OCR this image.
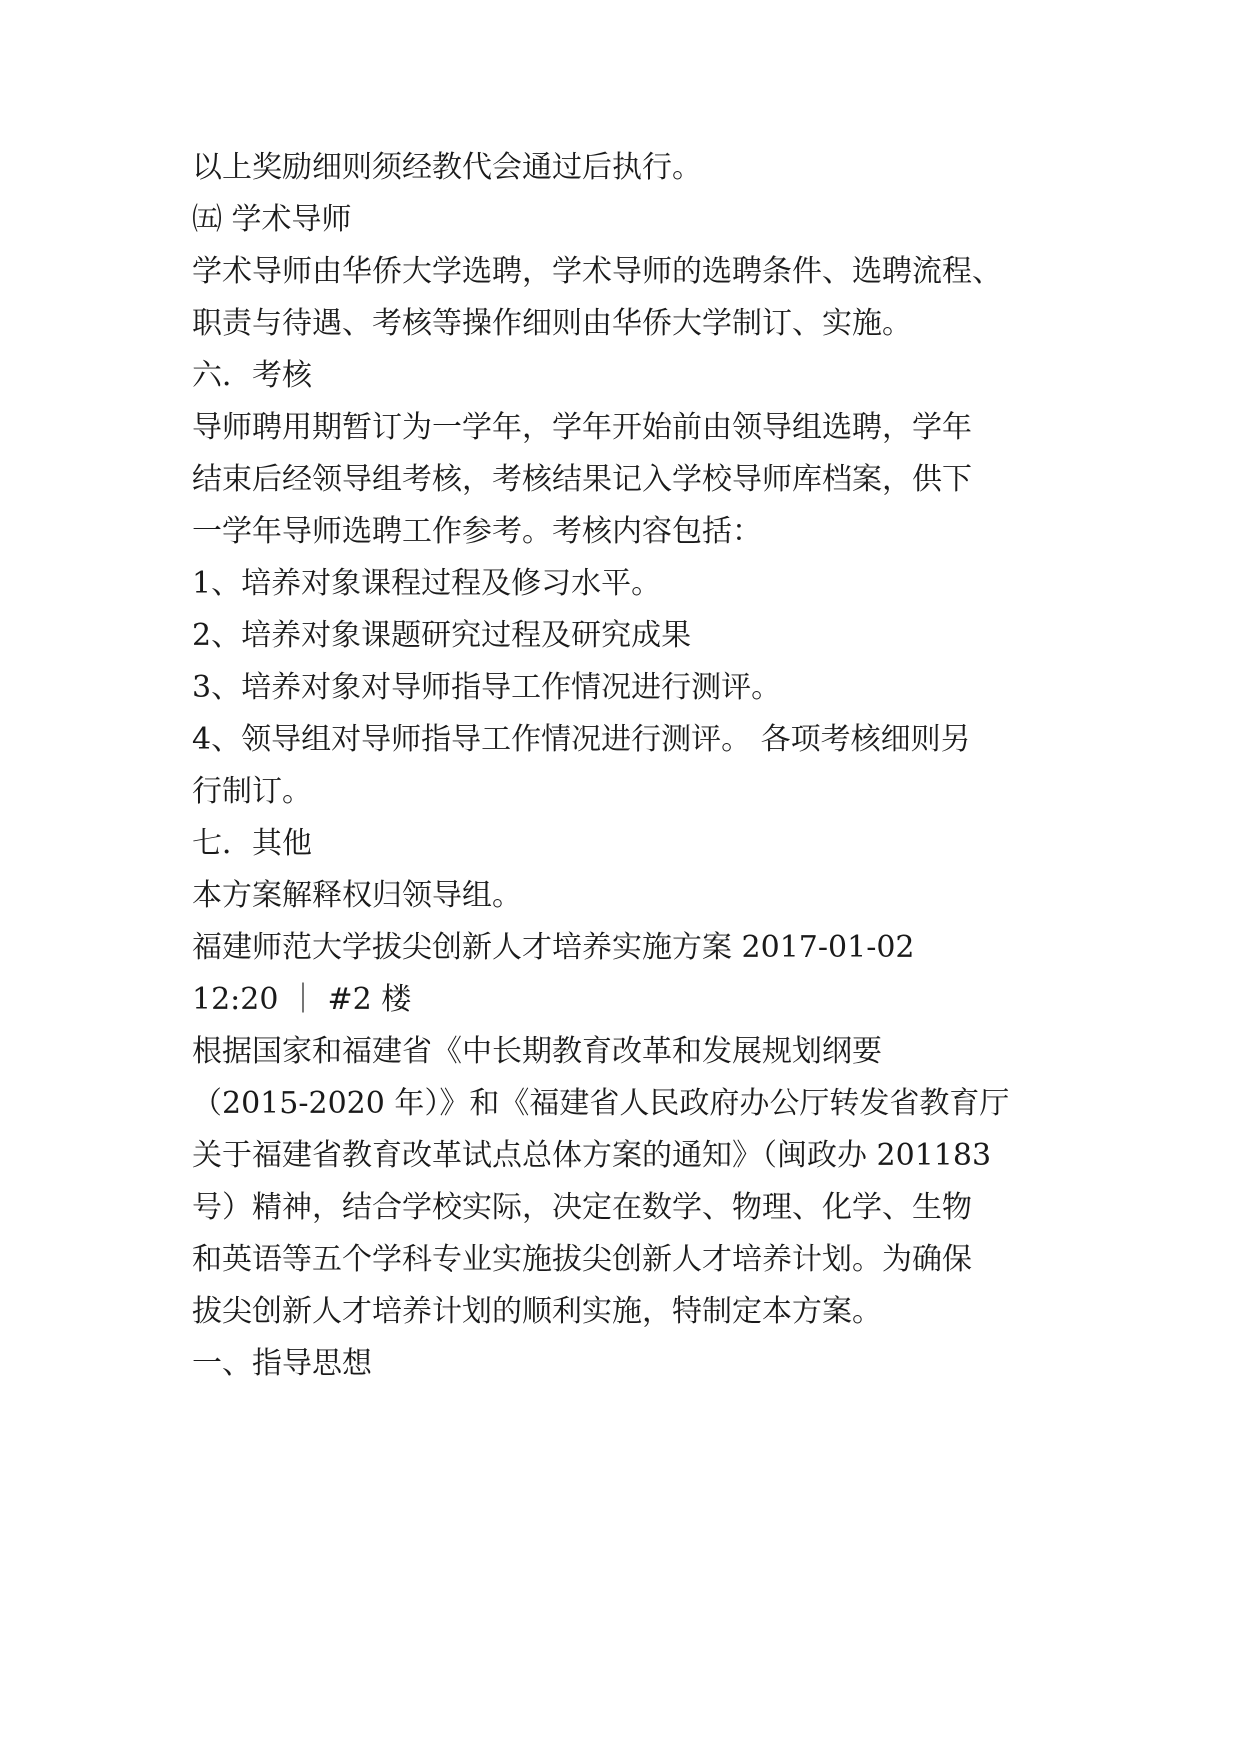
以上奖励细则须经教代会通过后执行。
㈤ 学术导师
学术导师由华侨大学选聘，学术导师的选聘条件、选聘流程、
职责与待遇、考核等操作细则由华侨大学制订、实施。
六．考核
导师聘用期暂订为一学年，学年开始前由领导组选聘，学年
结束后经领导组考核，考核结果记入学校导师库档案，供下
一学年导师选聘工作参考。考核内容包括：
1、培养对象课程过程及修习水平。
2、培养对象课题研究过程及研究成果
3、培养对象对导师指导工作情况进行测评。
4、领导组对导师指导工作情况进行测评。 各项考核细则另
行制订。
七．其他
本方案解释权归领导组。
福建师范大学拔尖创新人才培养实施方案 2017-01-02
12:20 ｜ #2 楼
根据国家和福建省《中长期教育改革和发展规划纲要
（2015-2020 年）》和《福建省人民政府办公厅转发省教育厅
关于福建省教育改革试点总体方案的通知》（闽政办 201183
号）精神，结合学校实际，决定在数学、物理、化学、生物
和英语等五个学科专业实施拔尖创新人才培养计划。为确保
拔尖创新人才培养计划的顺利实施，特制定本方案。
一、指导思想
